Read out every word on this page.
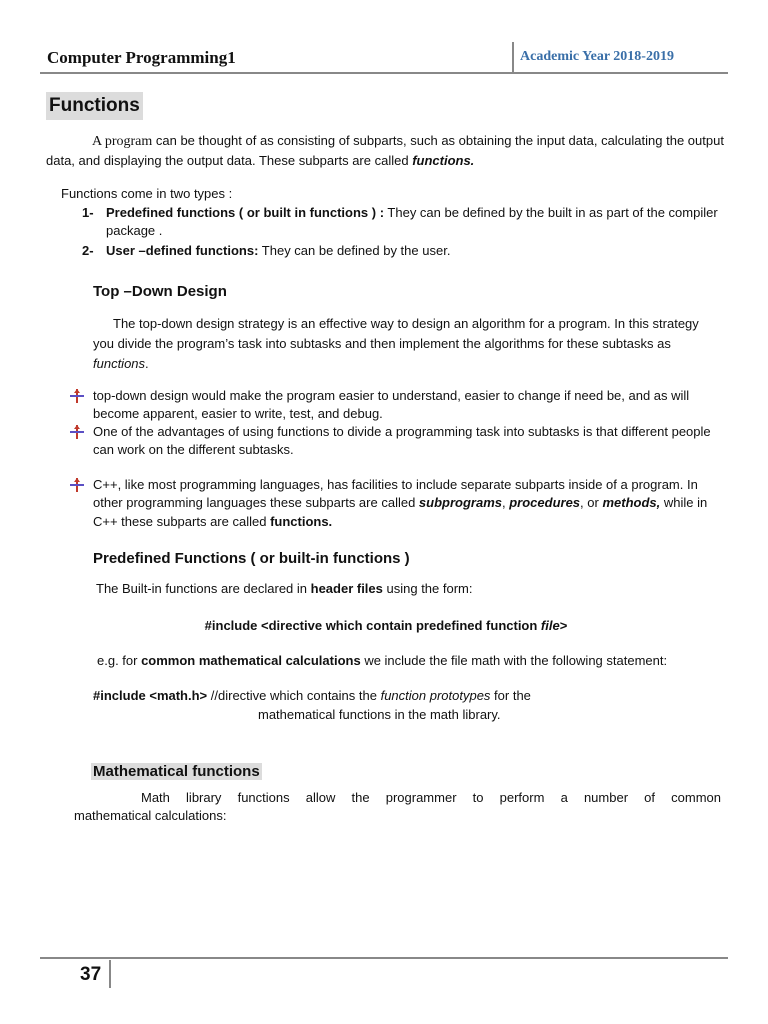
Computer Programming1	Academic Year 2018-2019
Functions

A program can be thought of as consisting of subparts, such as obtaining the input data, calculating the output data, and displaying the output data. These subparts are called functions.

Functions come in two types :
1- Predefined functions ( or built in functions ) : They can be defined by the built in as part of the compiler package .
2- User –defined functions: They can be defined by the user.
Top –Down Design

The top-down design strategy is an effective way to design an algorithm for a program. In this strategy you divide the program’s task into subtasks and then implement the algorithms for these subtasks as functions.

top-down design would make the program easier to understand, easier to change if need be, and as will become apparent, easier to write, test, and debug.
One of the advantages of using functions to divide a programming task into subtasks is that different people can work on the different subtasks.
C++, like most programming languages, has facilities to include separate subparts inside of a program. In other programming languages these subparts are called subprograms, procedures, or methods, while in C++ these subparts are called functions.
Predefined Functions ( or built-in functions )
The Built-in functions are declared in header files using the form:
#include <directive which contain predefined function file>
e.g. for common mathematical calculations we include the file math with the following statement:
#include <math.h> //directive which contains the function prototypes for the
mathematical functions in the math library.
Mathematical functions
Math library functions allow the programmer to perform a number of common
mathematical calculations:
37
